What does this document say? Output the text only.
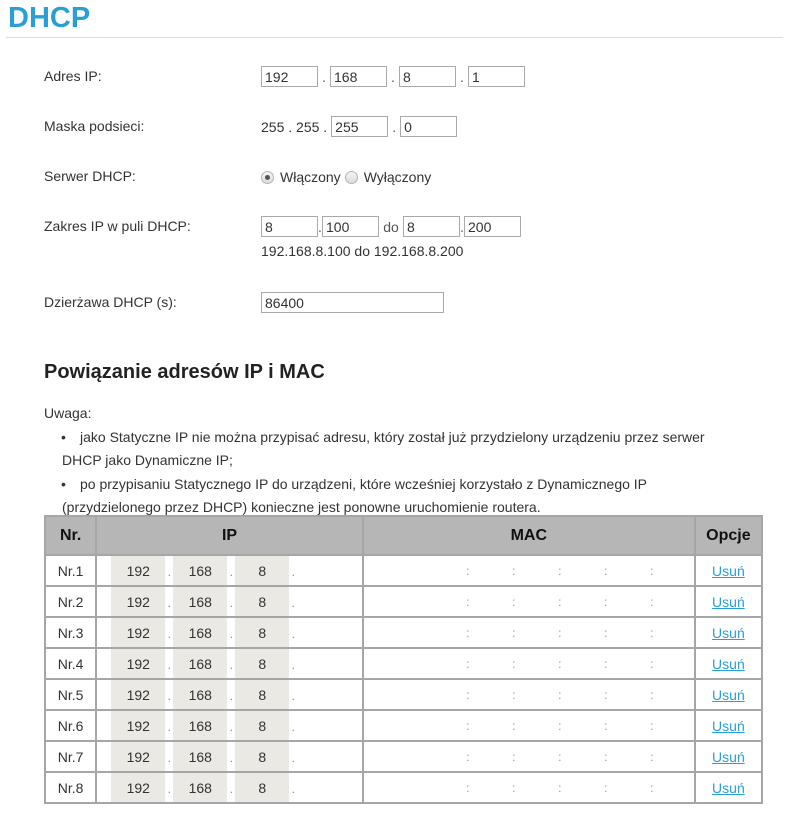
DHCP
Adres IP:
192	.
168	.
8	.
1
Maska podsieci:	255 . 255 .
255	.
0
Serwer DHCP:	Włączony Wyłączony
Zakres IP w puli DHCP:
8	.
100	do
8	.
200
192.168.8.100 do 192.168.8.200
Dzierżawa DHCP (s):
86400
Powiązanie adresów IP i MAC
Uwaga:
•	jako Statyczne IP nie można przypisać adresu, który został już przydzielony urządzeniu przez serwer
DHCP jako Dynamiczne IP;
•	po przypisaniu Statycznego IP do urządzeni, które wcześniej korzystało z Dynamicznego IP
(przydzielonego przez DHCP) konieczne jest ponowne uruchomienie routera.
Nr.	IP	MAC	Opcje
Nr.1	192	.	168	.	8	.	:	:	:	:	:	Usuń
Nr.2	192	.	168	.	8	.	:	:	:	:	:	Usuń
Nr.3	192	.	168	.	8	.	:	:	:	:	:	Usuń
Nr.4	192	.	168	.	8	.	:	:	:	:	:	Usuń
Nr.5	192	.	168	.	8	.	:	:	:	:	:	Usuń
Nr.6	192	.	168	.	8	.	:	:	:	:	:	Usuń
Nr.7	192	.	168	.	8	.	:	:	:	:	:	Usuń
Nr.8	192	.	168	.	8	.	:	:	:	:	:	Usuń
